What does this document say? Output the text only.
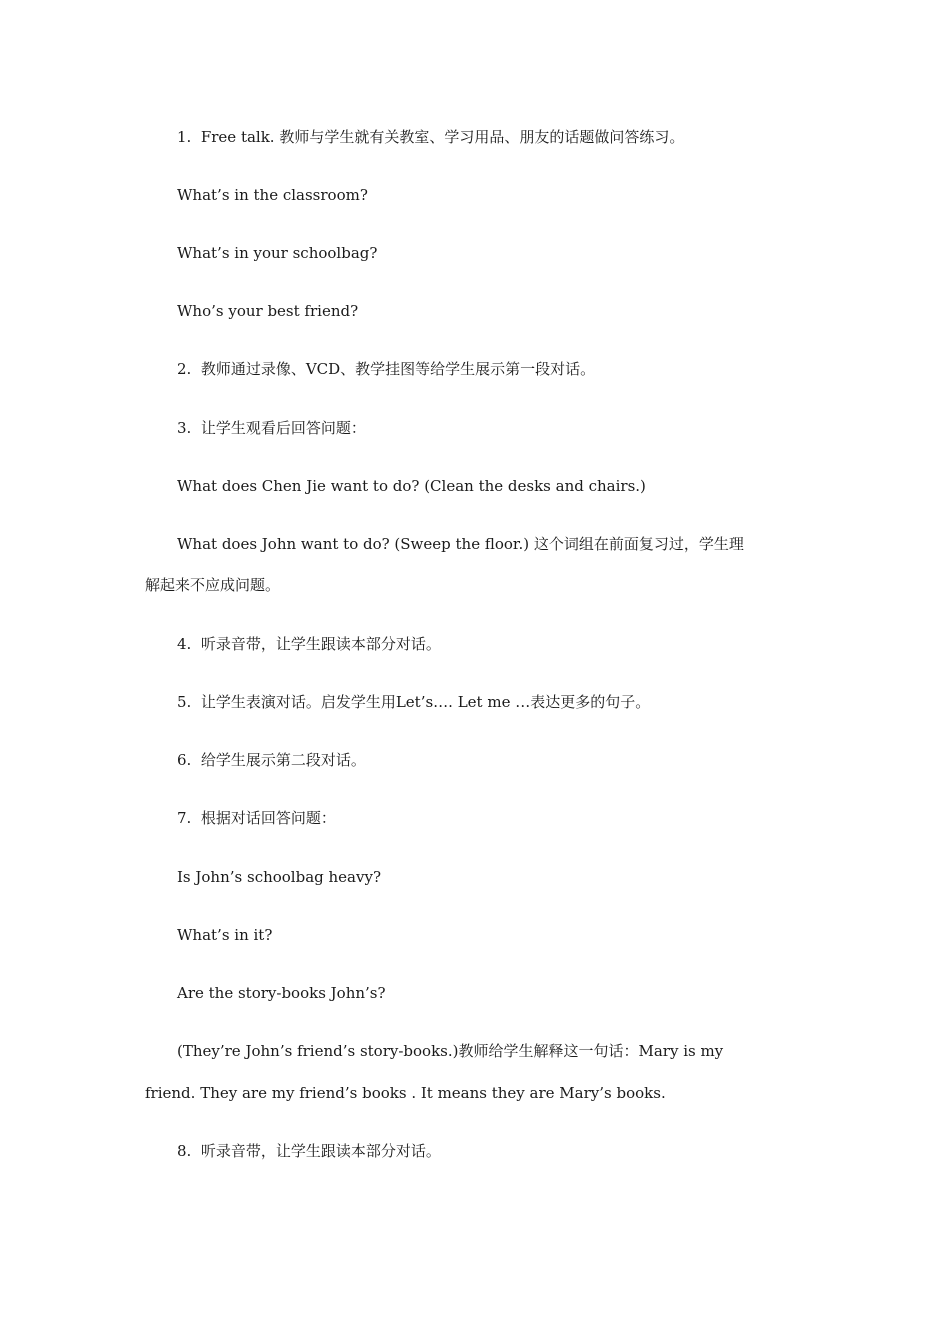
1.  Free talk. 教师与学生就有关教室、学习用品、朋友的话题做问答练习。
What’s in the classroom?
What’s in your schoolbag?
Who’s your best friend?
2.  教师通过录像、VCD、教学挂图等给学生展示第一段对话。
3.  让学生观看后回答问题：
What does Chen Jie want to do? (Clean the desks and chairs.)
What does John want to do? (Sweep the floor.) 这个词组在前面复习过，学生理
解起来不应成问题。
4.  听录音带，让学生跟读本部分对话。
5.  让学生表演对话。启发学生用Let’s…. Let me …表达更多的句子。
6.  给学生展示第二段对话。
7.  根据对话回答问题：
Is John’s schoolbag heavy?
What’s in it?
Are the story-books John’s?
(They’re John’s friend’s story-books.)教师给学生解释这一句话：Mary is my
friend. They are my friend’s books . It means they are Mary’s books.
8.  听录音带，让学生跟读本部分对话。
